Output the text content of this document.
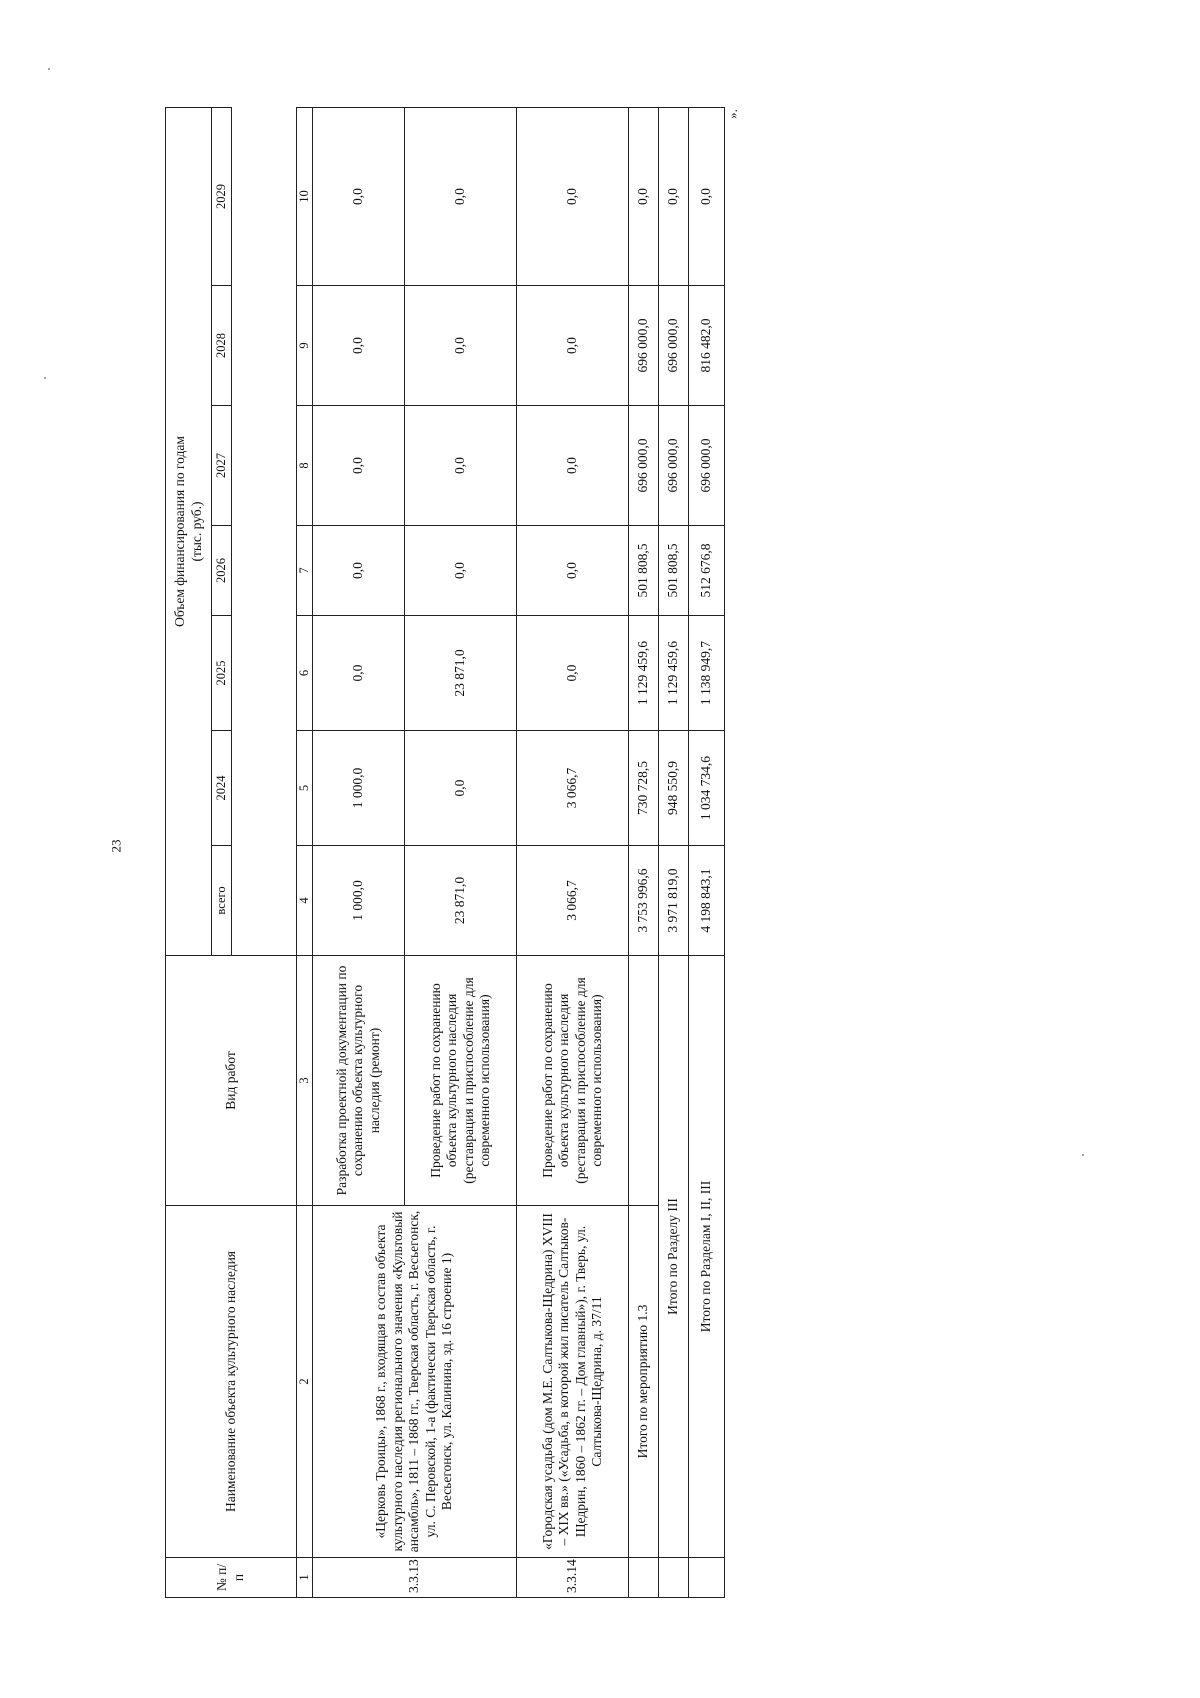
23
».
№ п/п	Наименование объекта культурного наследия	Вид работ	Объем финансирования по годам
(тыс. руб.)						
			всего	2024	2025	2026	2027	2028	2029

1	2	3	4	5	6	7	8	9	10
3.3.13	«Церковь Троицы», 1868 г., входящая в состав объекта культурного наследия регионального значения «Культовый ансамбль», 1811 – 1868 гг., Тверская область, г. Весьегонск, ул. С. Перовской, 1-а (фактически Тверская область, г. Весьегонск, ул. Калинина, зд. 16 строение 1)	Разработка проектной документации по сохранению объекта культурного наследия (ремонт)	1 000,0	1 000,0	0,0	0,0	0,0	0,0	0,0
		Проведение работ по сохранению объекта культурного наследия (реставрация и приспособление для современного использования)	23 871,0	0,0	23 871,0	0,0	0,0	0,0	0,0
3.3.14	«Городская усадьба (дом М.Е. Салтыкова-Щедрина) XVIII – XIX вв.» («Усадьба, в которой жил писатель Салтыков-Щедрин, 1860 – 1862 гг. – Дом главный»), г. Тверь, ул. Салтыкова-Щедрина, д. 37/11	Проведение работ по сохранению объекта культурного наследия (реставрация и приспособление для современного использования)	3 066,7	3 066,7	0,0	0,0	0,0	0,0	0,0
	Итого по мероприятию 1.3		3 753 996,6	730 728,5	1 129 459,6	501 808,5	696 000,0	696 000,0	0,0
	Итого по Разделу III		3 971 819,0	948 550,9	1 129 459,6	501 808,5	696 000,0	696 000,0	0,0
	Итого по Разделам I, II, III		4 198 843,1	1 034 734,6	1 138 949,7	512 676,8	696 000,0	816 482,0	0,0
